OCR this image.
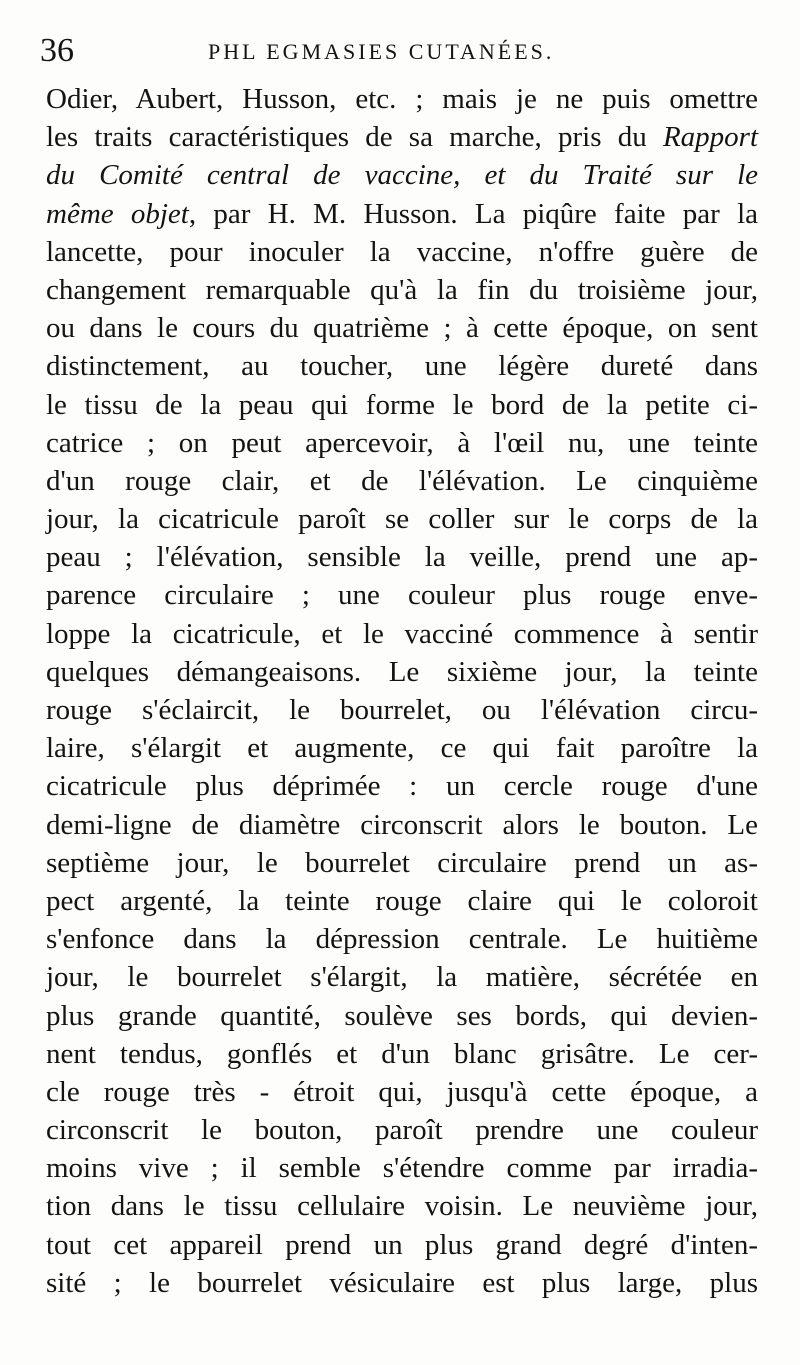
36	PHL EGMASIES CUTANÉES.
Odier, Aubert, Husson, etc. ; mais je ne puis omettre
les traits caractéristiques de sa marche, pris du Rapport
du Comité central de vaccine, et du Traité sur le
même objet, par H. M. Husson. La piqûre faite par la
lancette, pour inoculer la vaccine, n'offre guère de
changement remarquable qu'à la fin du troisième jour,
ou dans le cours du quatrième ; à cette époque, on sent
distinctement, au toucher, une légère dureté dans
le tissu de la peau qui forme le bord de la petite ci-
catrice ; on peut apercevoir, à l'œil nu, une teinte
d'un rouge clair, et de l'élévation. Le cinquième
jour, la cicatricule paroît se coller sur le corps de la
peau ; l'élévation, sensible la veille, prend une ap-
parence circulaire ; une couleur plus rouge enve-
loppe la cicatricule, et le vacciné commence à sentir
quelques démangeaisons. Le sixième jour, la teinte
rouge s'éclaircit, le bourrelet, ou l'élévation circu-
laire, s'élargit et augmente, ce qui fait paroître la
cicatricule plus déprimée : un cercle rouge d'une
demi-ligne de diamètre circonscrit alors le bouton. Le
septième jour, le bourrelet circulaire prend un as-
pect argenté, la teinte rouge claire qui le coloroit
s'enfonce dans la dépression centrale. Le huitième
jour, le bourrelet s'élargit, la matière, sécrétée en
plus grande quantité, soulève ses bords, qui devien-
nent tendus, gonflés et d'un blanc grisâtre. Le cer-
cle rouge très - étroit qui, jusqu'à cette époque, a
circonscrit le bouton, paroît prendre une couleur
moins vive ; il semble s'étendre comme par irradia-
tion dans le tissu cellulaire voisin. Le neuvième jour,
tout cet appareil prend un plus grand degré d'inten-
sité ; le bourrelet vésiculaire est plus large, plus
